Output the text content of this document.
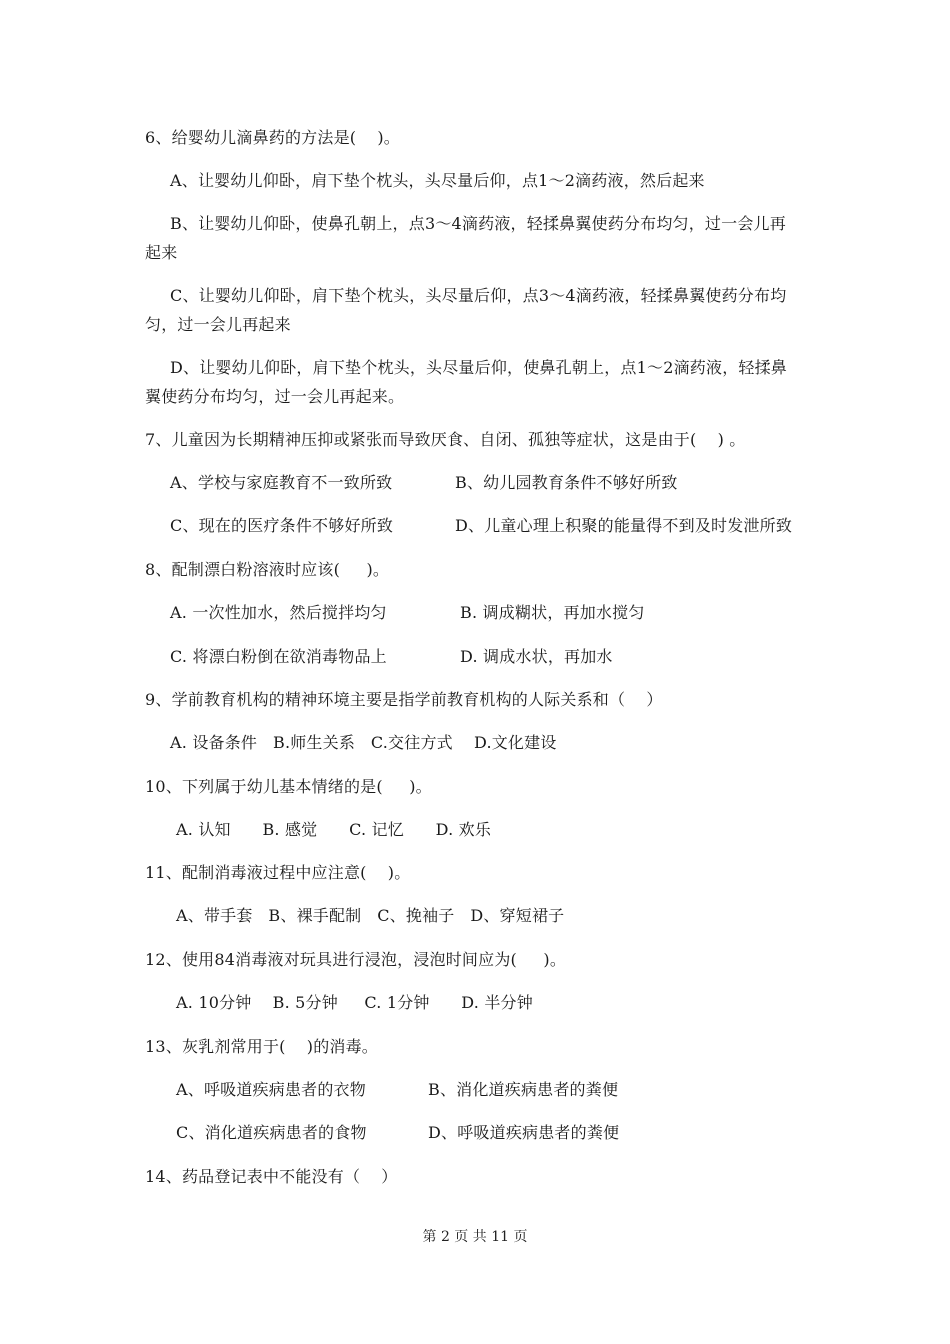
6、给婴幼儿滴鼻药的方法是(    )。
A、让婴幼儿仰卧，肩下垫个枕头，头尽量后仰，点1～2滴药液，然后起来
B、让婴幼儿仰卧，使鼻孔朝上，点3～4滴药液，轻揉鼻翼使药分布均匀，过一会儿再
起来
C、让婴幼儿仰卧，肩下垫个枕头，头尽量后仰，点3～4滴药液，轻揉鼻翼使药分布均
匀，过一会儿再起来
D、让婴幼儿仰卧，肩下垫个枕头，头尽量后仰，使鼻孔朝上，点1～2滴药液，轻揉鼻
翼使药分布均匀，过一会儿再起来。
7、儿童因为长期精神压抑或紧张而导致厌食、自闭、孤独等症状，这是由于(    ) 。
A、学校与家庭教育不一致所致	B、幼儿园教育条件不够好所致
C、现在的医疗条件不够好所致	D、儿童心理上积聚的能量得不到及时发泄所致
8、配制漂白粉溶液时应该(     )。
A. 一次性加水，然后搅拌均匀	B. 调成糊状，再加水搅匀
C. 将漂白粉倒在欲消毒物品上	D. 调成水状，再加水
9、学前教育机构的精神环境主要是指学前教育机构的人际关系和（    ）
A. 设备条件   B.师生关系   C.交往方式    D.文化建设
10、下列属于幼儿基本情绪的是(     )。
A. 认知      B. 感觉      C. 记忆      D. 欢乐
11、配制消毒液过程中应注意(    )。
A、带手套   B、裸手配制   C、挽袖子   D、穿短裙子
12、使用84消毒液对玩具进行浸泡，浸泡时间应为(     )。
A. 10分钟    B. 5分钟     C. 1分钟      D. 半分钟
13、灰乳剂常用于(    )的消毒。
A、呼吸道疾病患者的衣物	B、消化道疾病患者的粪便
C、消化道疾病患者的食物	D、呼吸道疾病患者的粪便
14、药品登记表中不能没有（    ）
第 2 页 共 11 页
